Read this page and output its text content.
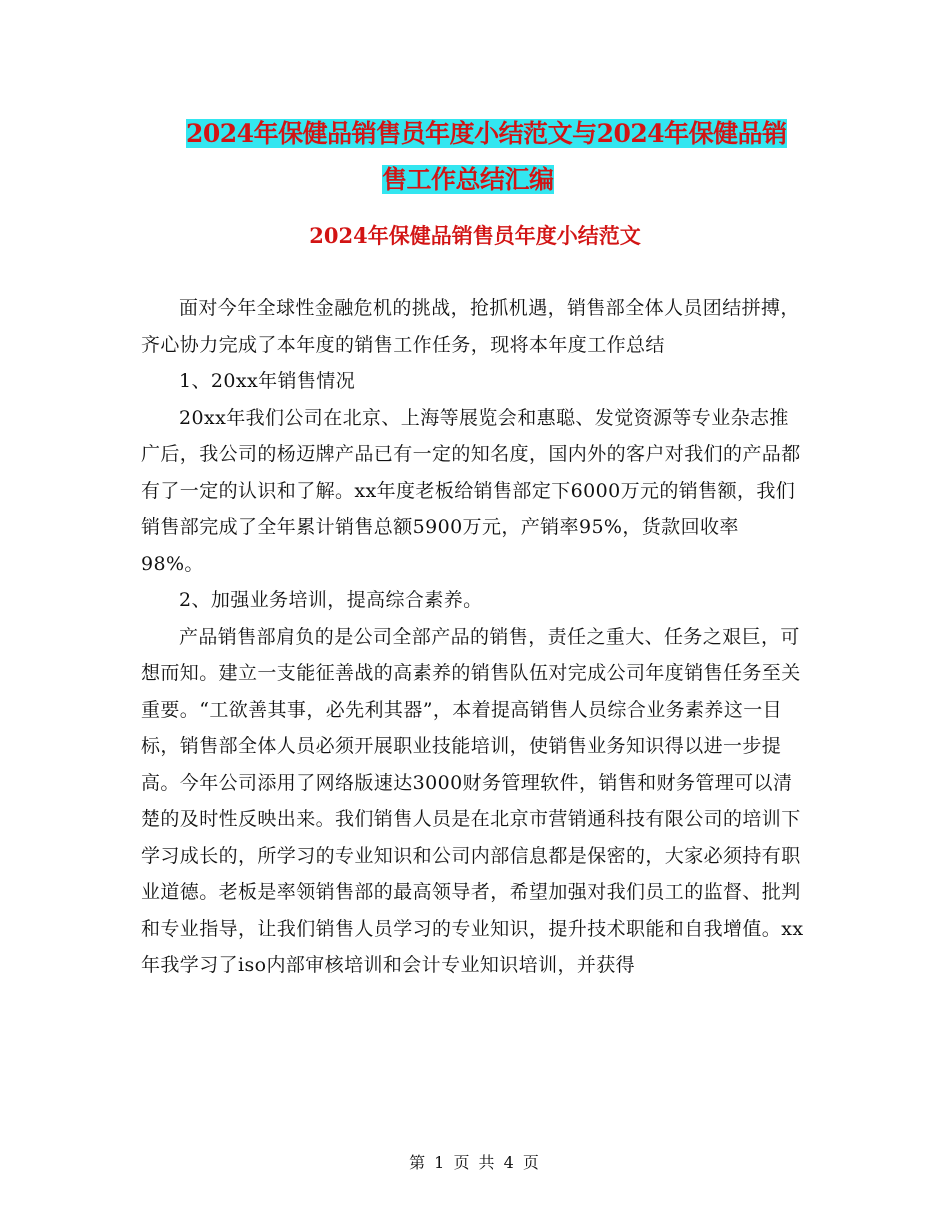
2024年保健品销售员年度小结范文与2024年保健品销
售工作总结汇编
2024年保健品销售员年度小结范文

面对今年全球性金融危机的挑战，抢抓机遇，销售部全体人员团结拼搏，齐心协力完成了本年度的销售工作任务，现将本年度工作总结

1、20xx年销售情况

20xx年我们公司在北京、上海等展览会和惠聪、发觉资源等专业杂志推广后，我公司的杨迈牌产品已有一定的知名度，国内外的客户对我们的产品都有了一定的认识和了解。xx年度老板给销售部定下6000万元的销售额，我们销售部完成了全年累计销售总额5900万元，产销率95%，货款回收率 98%。

2、加强业务培训，提高综合素养。

产品销售部肩负的是公司全部产品的销售，责任之重大、任务之艰巨，可想而知。建立一支能征善战的高素养的销售队伍对完成公司年度销售任务至关重要。“工欲善其事，必先利其器”，本着提高销售人员综合业务素养这一目标，销售部全体人员必须开展职业技能培训，使销售业务知识得以进一步提高。今年公司添用了网络版速达3000财务管理软件，销售和财务管理可以清楚的及时性反映出来。我们销售人员是在北京市营销通科技有限公司的培训下学习成长的，所学习的专业知识和公司内部信息都是保密的，大家必须持有职业道德。老板是率领销售部的最高领导者，希望加强对我们员工的监督、批判和专业指导，让我们销售人员学习的专业知识，提升技术职能和自我增值。xx年我学习了iso内部审核培训和会计专业知识培训，并获得

第 1 页 共 4 页
